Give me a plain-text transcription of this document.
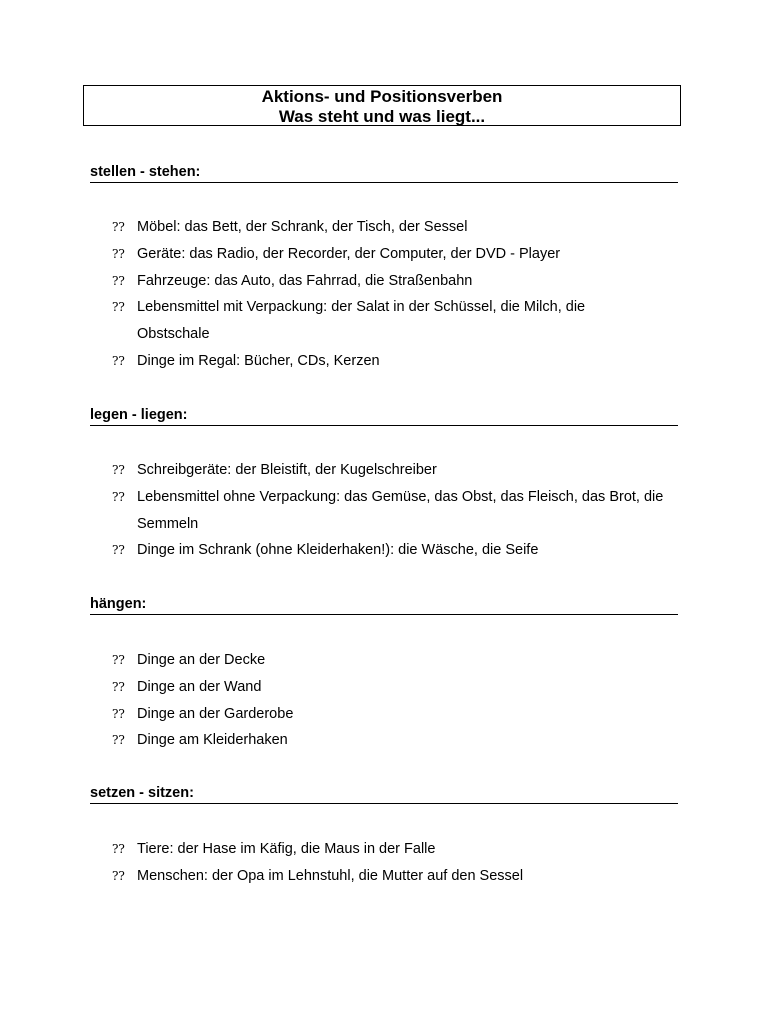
Aktions- und Positionsverben
Was steht und was liegt...
stellen - stehen:
?? Möbel: das Bett, der Schrank, der Tisch, der Sessel
?? Geräte: das Radio, der Recorder, der Computer, der DVD - Player
?? Fahrzeuge: das Auto, das Fahrrad, die Straßenbahn
?? Lebensmittel mit Verpackung: der Salat in der Schüssel, die Milch, die Obstschale
?? Dinge im Regal: Bücher, CDs, Kerzen
legen - liegen:
?? Schreibgeräte: der Bleistift, der Kugelschreiber
?? Lebensmittel ohne Verpackung: das Gemüse, das Obst, das Fleisch, das Brot, die Semmeln
?? Dinge im Schrank (ohne Kleiderhaken!): die Wäsche, die Seife
hängen:
?? Dinge an der Decke
?? Dinge an der Wand
?? Dinge an der Garderobe
?? Dinge am Kleiderhaken
setzen - sitzen:
?? Tiere: der Hase im Käfig, die Maus in der Falle
?? Menschen: der Opa im Lehnstuhl, die Mutter auf den Sessel
